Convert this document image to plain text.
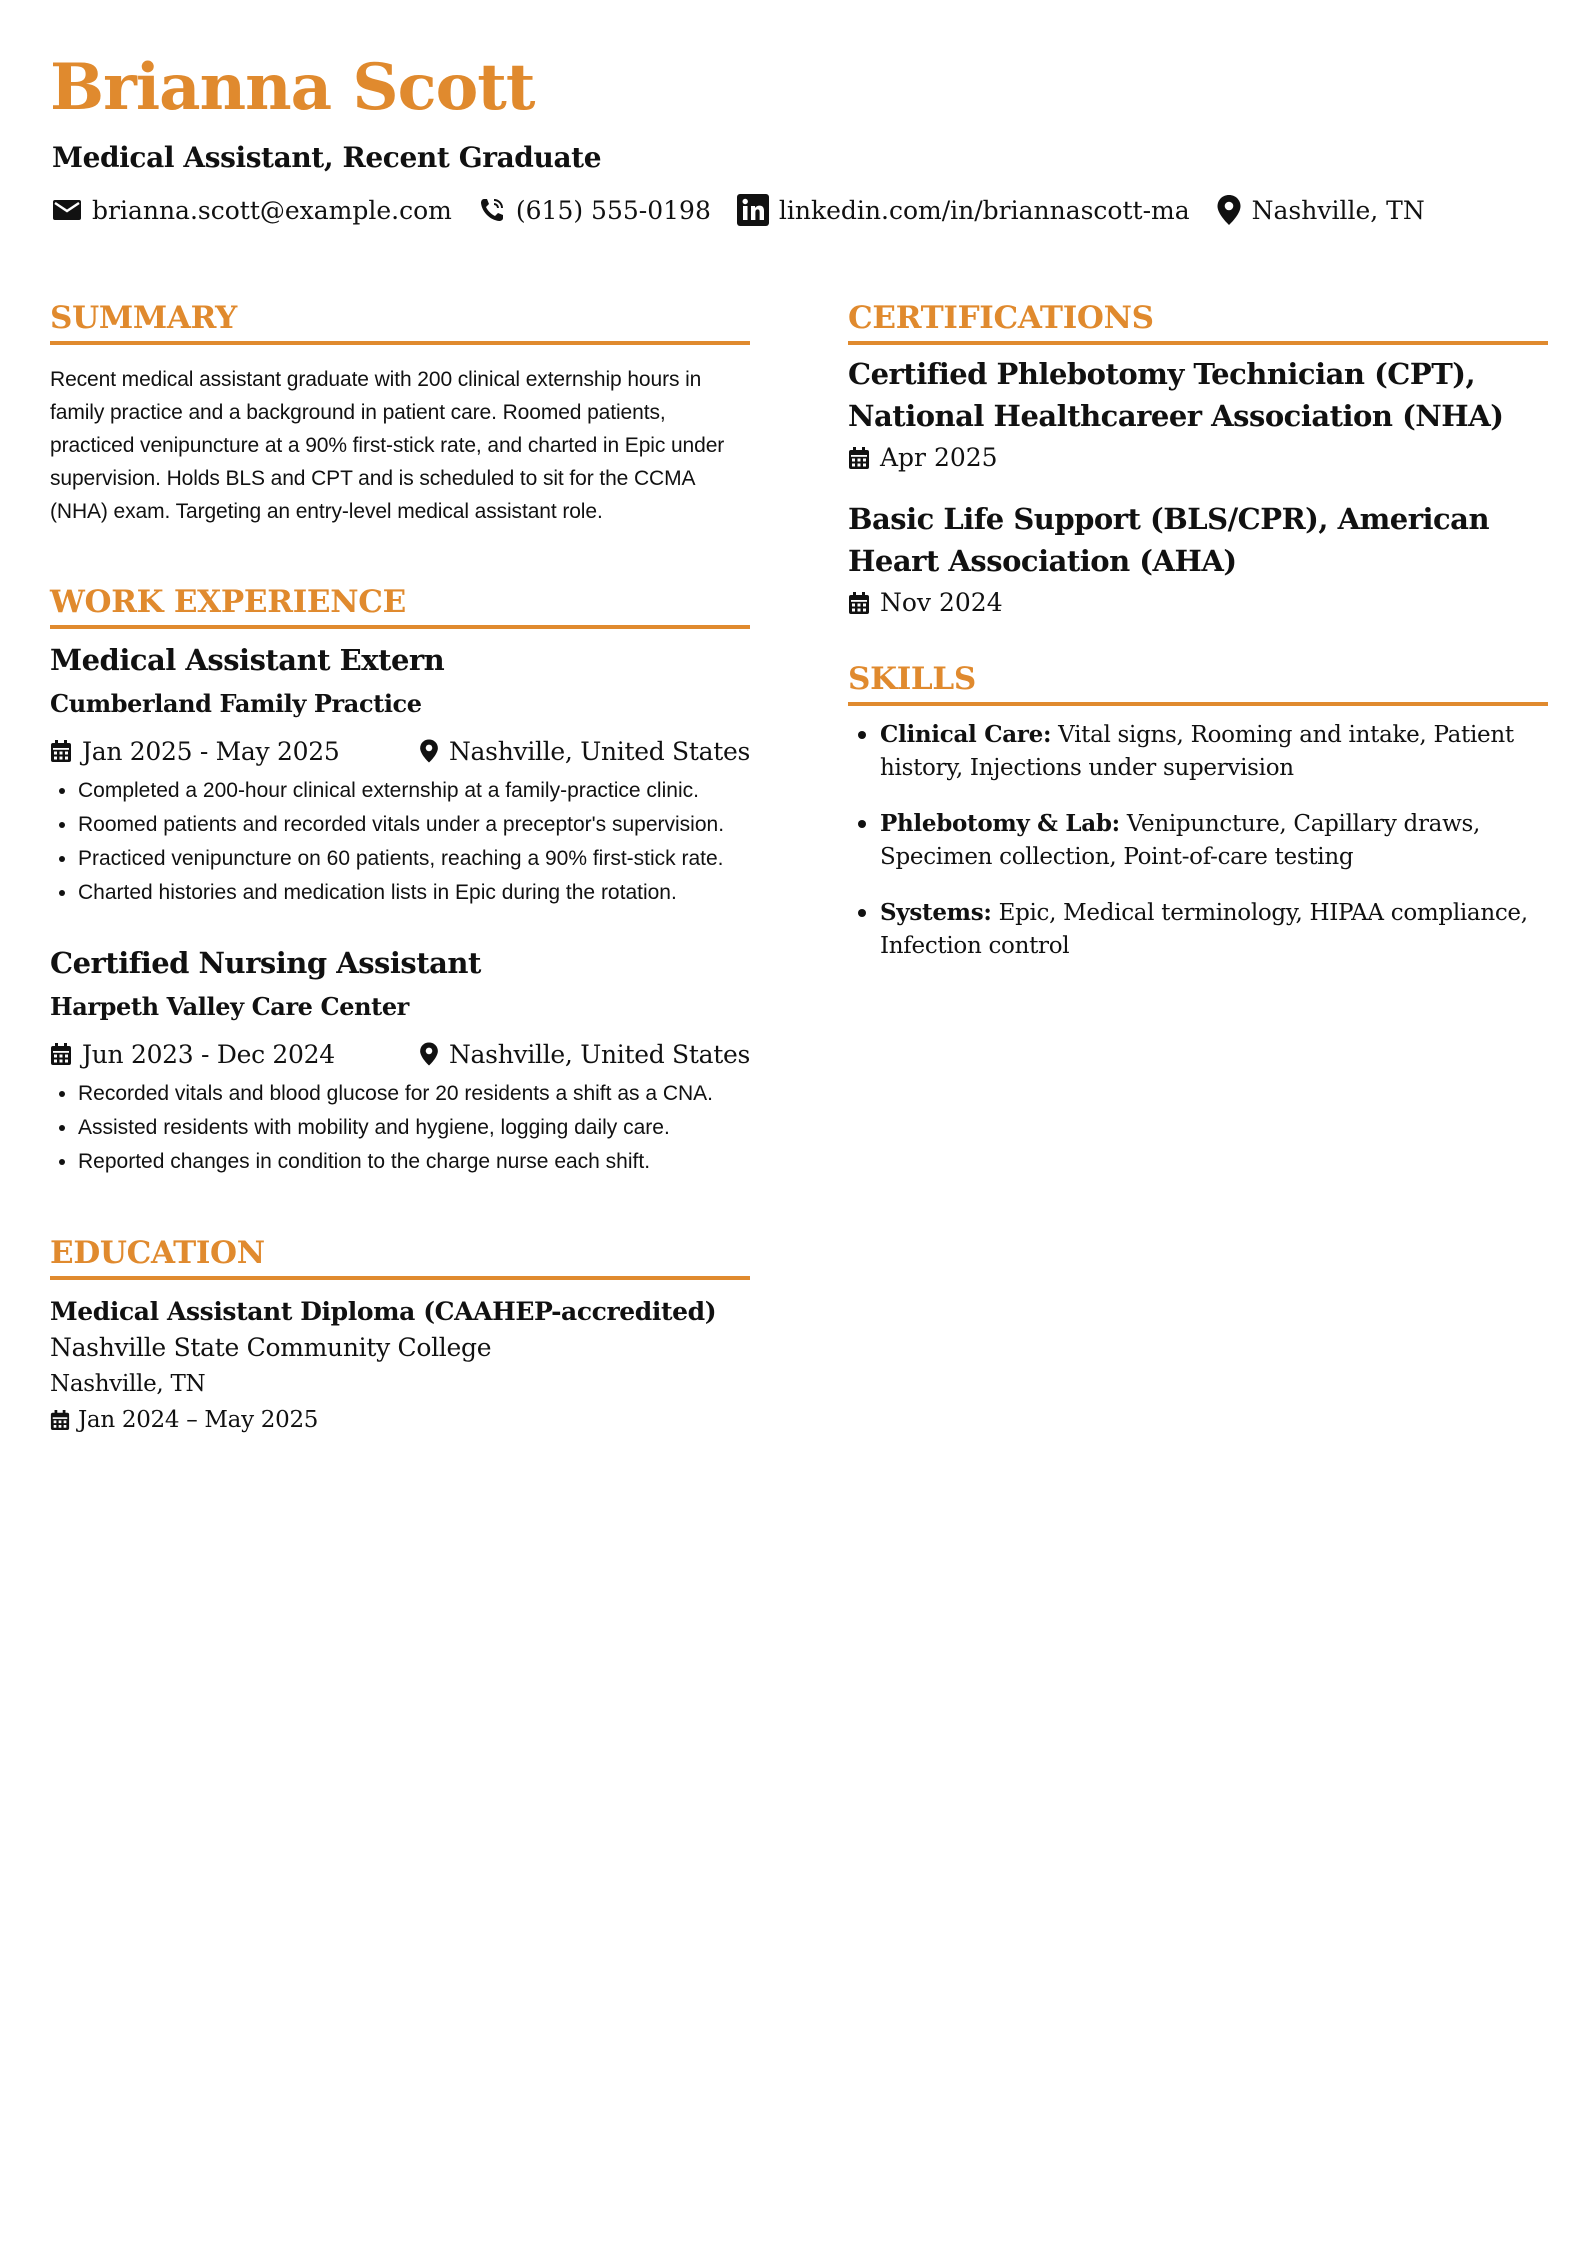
Brianna Scott
Medical Assistant, Recent Graduate
brianna.scott@example.com	(615) 555-0198	linkedin.com/in/briannascott-ma Nashville, TN
SUMMARY

Recent medical assistant graduate with 200 clinical externship hours in family practice and a background in patient care. Roomed patients, practiced venipuncture at a 90% first-stick rate, and charted in Epic under supervision. Holds BLS and CPT and is scheduled to sit for the CCMA (NHA) exam. Targeting an entry-level medical assistant role.

WORK EXPERIENCE
Medical Assistant Extern

Cumberland Family Practice

Jan 2025 - May 2025	Nashville, United States
• Completed a 200-hour clinical externship at a family-practice clinic.
• Roomed patients and recorded vitals under a preceptor's supervision.
• Practiced venipuncture on 60 patients, reaching a 90% first-stick rate.
• Charted histories and medication lists in Epic during the rotation.
Certified Nursing Assistant

Harpeth Valley Care Center

Jun 2023 - Dec 2024	Nashville, United States
• Recorded vitals and blood glucose for 20 residents a shift as a CNA.
• Assisted residents with mobility and hygiene, logging daily care.
• Reported changes in condition to the charge nurse each shift.
EDUCATION

Medical Assistant Diploma (CAAHEP-accredited)

Nashville State Community College

Nashville, TN

Jan 2024 – May 2025
CERTIFICATIONS

Certified Phlebotomy Technician (CPT), National Healthcareer Association (NHA)

Apr 2025

Basic Life Support (BLS/CPR), American Heart Association (AHA)

Nov 2024
SKILLS
• Clinical Care: Vital signs, Rooming and intake, Patient history, Injections under supervision
• Phlebotomy & Lab: Venipuncture, Capillary draws, Specimen collection, Point-of-care testing
• Systems: Epic, Medical terminology, HIPAA compliance, Infection control
